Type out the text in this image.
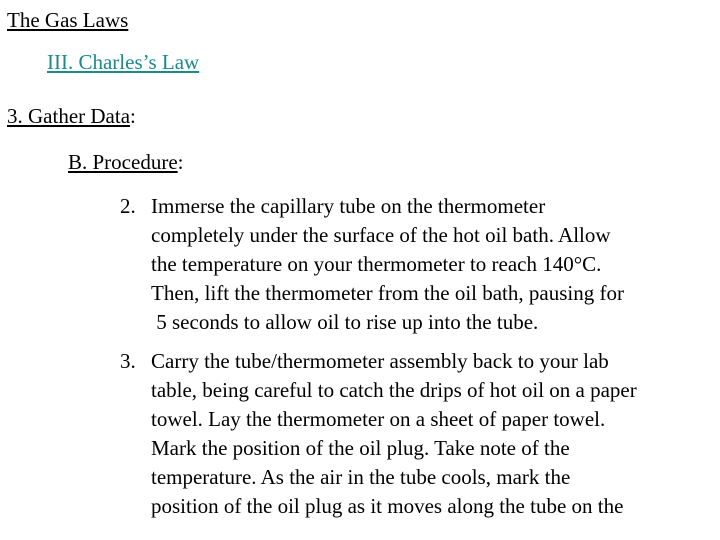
The Gas Laws
III. Charles’s Law
3. Gather Data:
B. Procedure:
2. Immerse the capillary tube on the thermometer
completely under the surface of the hot oil bath. Allow
the temperature on your thermometer to reach 140°C.
Then, lift the thermometer from the oil bath, pausing for
5 seconds to allow oil to rise up into the tube.
3. Carry the tube/thermometer assembly back to your lab
table, being careful to catch the drips of hot oil on a paper
towel. Lay the thermometer on a sheet of paper towel.
Mark the position of the oil plug. Take note of the
temperature. As the air in the tube cools, mark the
position of the oil plug as it moves along the tube on the
